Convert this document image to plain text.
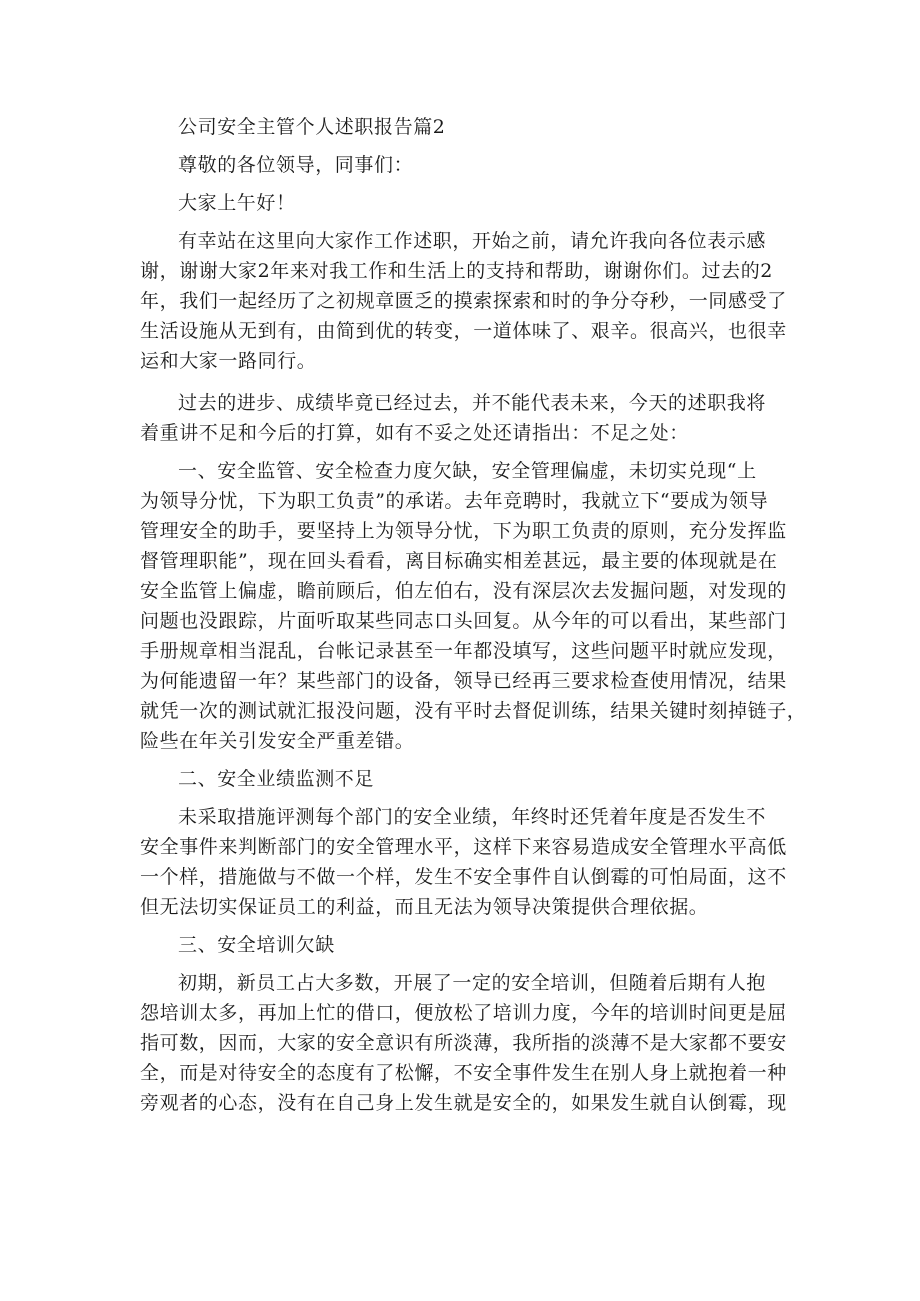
公司安全主管个人述职报告篇2
尊敬的各位领导，同事们：
大家上午好！
有幸站在这里向大家作工作述职，开始之前，请允许我向各位表示感
谢，谢谢大家2年来对我工作和生活上的支持和帮助，谢谢你们。过去的2
年，我们一起经历了之初规章匮乏的摸索探索和时的争分夺秒，一同感受了
生活设施从无到有，由简到优的转变，一道体味了、艰辛。很高兴，也很幸
运和大家一路同行。
过去的进步、成绩毕竟已经过去，并不能代表未来，今天的述职我将
着重讲不足和今后的打算，如有不妥之处还请指出：不足之处：
一、安全监管、安全检查力度欠缺，安全管理偏虚，未切实兑现“上
为领导分忧，下为职工负责”的承诺。去年竞聘时，我就立下“要成为领导
管理安全的助手，要坚持上为领导分忧，下为职工负责的原则，充分发挥监
督管理职能”，现在回头看看，离目标确实相差甚远，最主要的体现就是在
安全监管上偏虚，瞻前顾后，伯左伯右，没有深层次去发掘问题，对发现的
问题也没跟踪，片面听取某些同志口头回复。从今年的可以看出，某些部门
手册规章相当混乱，台帐记录甚至一年都没填写，这些问题平时就应发现，
为何能遗留一年？某些部门的设备，领导已经再三要求检查使用情况，结果
就凭一次的测试就汇报没问题，没有平时去督促训练，结果关键时刻掉链子，
险些在年关引发安全严重差错。
二、安全业绩监测不足
未采取措施评测每个部门的安全业绩，年终时还凭着年度是否发生不
安全事件来判断部门的安全管理水平，这样下来容易造成安全管理水平高低
一个样，措施做与不做一个样，发生不安全事件自认倒霉的可怕局面，这不
但无法切实保证员工的利益，而且无法为领导决策提供合理依据。
三、安全培训欠缺
初期，新员工占大多数，开展了一定的安全培训，但随着后期有人抱
怨培训太多，再加上忙的借口，便放松了培训力度，今年的培训时间更是屈
指可数，因而，大家的安全意识有所淡薄，我所指的淡薄不是大家都不要安
全，而是对待安全的态度有了松懈，不安全事件发生在别人身上就抱着一种
旁观者的心态，没有在自己身上发生就是安全的，如果发生就自认倒霉，现
